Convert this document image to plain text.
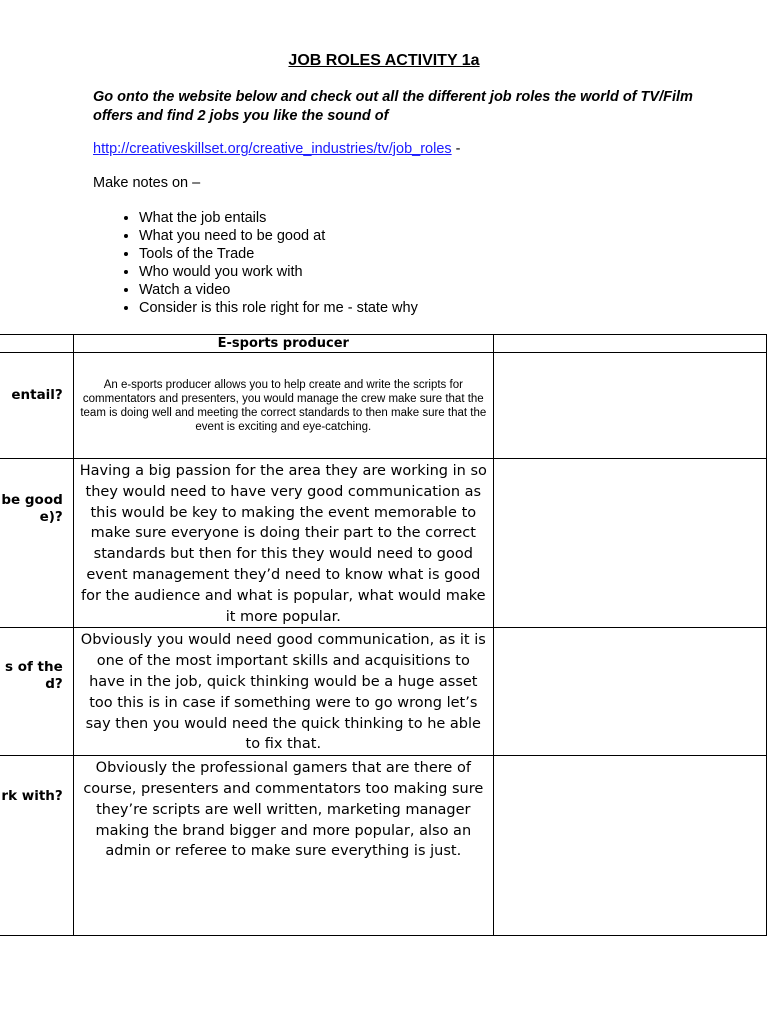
JOB ROLES ACTIVITY 1a
Go onto the website below and check out all the different job roles the world of TV/Film offers and find 2 jobs you like the sound of
http://creativeskillset.org/creative_industries/tv/job_roles -
Make notes on –
• What the job entails
• What you need to be good at
• Tools of the Trade
• Who would you work with
• Watch a video
• Consider is this role right for me - state why
	E-sports producer	

entail?	An e-sports producer allows you to help create and write the scripts for commentators and presenters, you would manage the crew make sure that the team is doing well and meeting the correct standards to then make sure that the event is exciting and eye-catching.	

be good
e)?	Having a big passion for the area they are working in so they would need to have very good communication as this would be key to making the event memorable to make sure everyone is doing their part to the correct standards but then for this they would need to good event management they’d need to know what is good for the audience and what is popular, what would make it more popular.	

s of the
d?	Obviously you would need good communication, as it is one of the most important skills and acquisitions to have in the job, quick thinking would be a huge asset too this is in case if something were to go wrong let’s say then you would need the quick thinking to he able to fix that.	

rk with?	Obviously the professional gamers that are there of course, presenters and commentators too making sure they’re scripts are well written, marketing manager making the brand bigger and more popular, also an admin or referee to make sure everything is just.	
